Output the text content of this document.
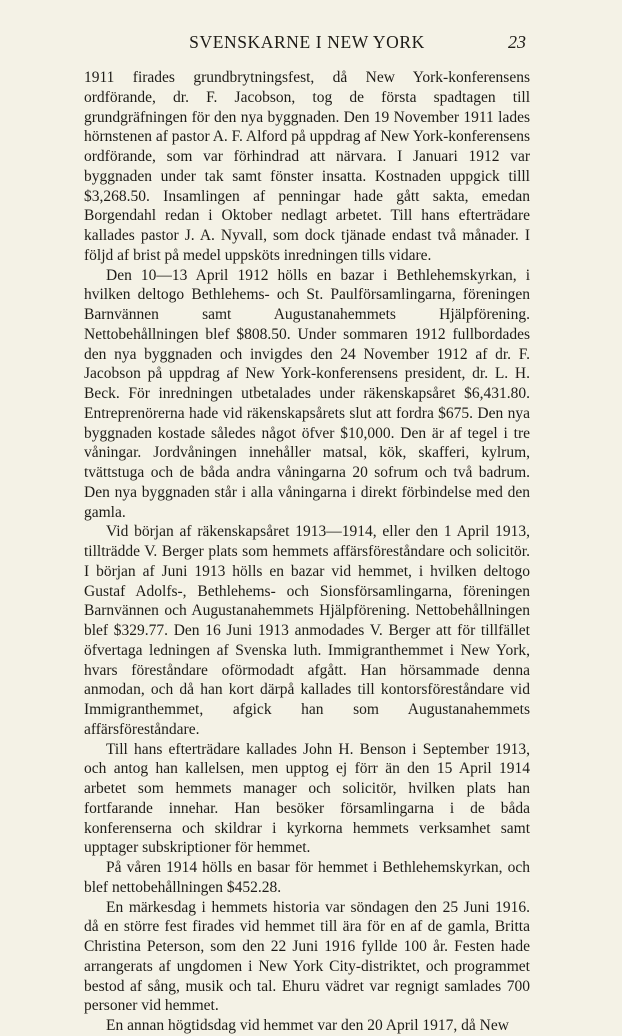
SVENSKARNE I NEW YORK	23

1911 firades grundbrytningsfest, då New York-konferensens ordförande, dr. F. Jacobson, tog de första spadtagen till grundgräfningen för den nya byggnaden. Den 19 November 1911 lades hörnstenen af pastor A. F. Alford på uppdrag af New York-konferensens ordförande, som var förhindrad att närvara. I Januari 1912 var byggnaden under tak samt fönster insatta. Kostnaden uppgick tilll $3,268.50. Insamlingen af penningar hade gått sakta, emedan Borgendahl redan i Oktober nedlagt arbetet. Till hans efterträdare kallades pastor J. A. Nyvall, som dock tjänade endast två månader. I följd af brist på medel uppsköts inredningen tills vidare.

Den 10—13 April 1912 hölls en bazar i Bethlehemskyrkan, i hvilken deltogo Bethlehems- och St. Paulförsamlingarna, föreningen Barnvännen samt Augustanahemmets Hjälpförening. Nettobehållningen blef $808.50. Under sommaren 1912 fullbordades den nya byggnaden och invigdes den 24 November 1912 af dr. F. Jacobson på uppdrag af New York-konferensens president, dr. L. H. Beck. För inredningen utbetalades under räkenskapsåret $6,431.80. Entreprenörerna hade vid räkenskapsårets slut att fordra $675. Den nya byggnaden kostade således något öfver $10,000. Den är af tegel i tre våningar. Jordvåningen innehåller matsal, kök, skafferi, kylrum, tvättstuga och de båda andra våningarna 20 sofrum och två badrum. Den nya byggnaden står i alla våningarna i direkt förbindelse med den gamla.

Vid början af räkenskapsåret 1913—1914, eller den 1 April 1913, tillträdde V. Berger plats som hemmets affärsföreståndare och solicitör. I början af Juni 1913 hölls en bazar vid hemmet, i hvilken deltogo Gustaf Adolfs-, Bethlehems- och Sionsförsamlingarna, föreningen Barnvännen och Augustanahemmets Hjälpförening. Nettobehållningen blef $329.77. Den 16 Juni 1913 anmodades V. Berger att för tillfället öfvertaga ledningen af Svenska luth. Immigranthemmet i New York, hvars föreståndare oförmodadt afgått. Han hörsammade denna anmodan, och då han kort därpå kallades till kontorsföreståndare vid Immigranthemmet, afgick han som Augustanahemmets affärsföreståndare.

Till hans efterträdare kallades John H. Benson i September 1913, och antog han kallelsen, men upptog ej förr än den 15 April 1914 arbetet som hemmets manager och solicitör, hvilken plats han fortfarande innehar. Han besöker församlingarna i de båda konferenserna och skildrar i kyrkorna hemmets verksamhet samt upptager subskriptioner för hemmet.

På våren 1914 hölls en basar för hemmet i Bethlehemskyrkan, och blef nettobehållningen $452.28.

En märkesdag i hemmets historia var söndagen den 25 Juni 1916. då en större fest firades vid hemmet till ära för en af de gamla, Britta Christina Peterson, som den 22 Juni 1916 fyllde 100 år. Festen hade arrangerats af ungdomen i New York City-distriktet, och programmet bestod af sång, musik och tal. Ehuru vädret var regnigt samlades 700 personer vid hemmet.

En annan högtidsdag vid hemmet var den 20 April 1917, då New
